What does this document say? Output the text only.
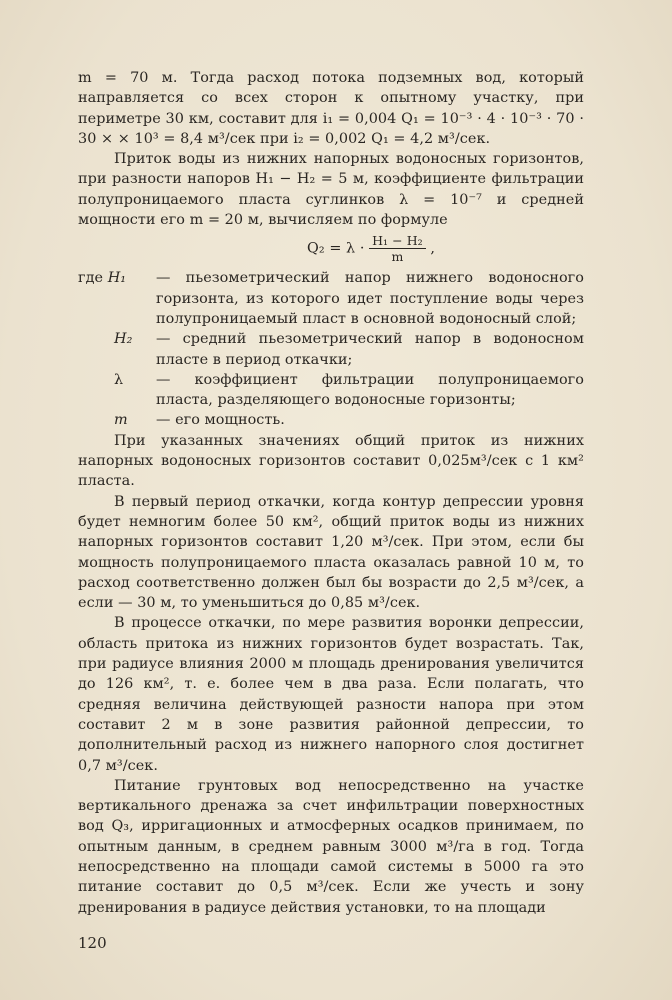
m = 70 м. Тогда расход потока подземных вод, который направляется со всех сторон к опытному участку, при периметре 30 км, составит для i₁ = 0,004 Q₁ = 10⁻³ · 4 · 10⁻³ · 70 · 30 × × 10³ = 8,4 м³/сек при i₂ = 0,002 Q₁ = 4,2 м³/сек.

Приток воды из нижних напорных водоносных горизонтов, при разности напоров H₁ − H₂ = 5 м, коэффициенте фильтрации полупроницаемого пласта суглинков λ = 10⁻⁷ и средней мощности его m = 20 м, вычисляем по формуле

$Q_2 = \lambda \cdot \frac{\text{H₁ − H₂}}{m}$ ,
где H₁	— пьезометрический напор нижнего водоносного горизонта, из которого идет поступление воды через полупроницаемый пласт в основной водоносный слой;
H₂	— средний пьезометрический напор в водоносном пласте в период откачки;
λ	— коэффициент фильтрации полупроницаемого пласта, разделяющего водоносные горизонты;
m	— его мощность.

При указанных значениях общий приток из нижних напорных водоносных горизонтов составит 0,025м³/сек с 1 км² пласта.

В первый период откачки, когда контур депрессии уровня будет немногим более 50 км², общий приток воды из нижних напорных горизонтов составит 1,20 м³/сек. При этом, если бы мощность полупроницаемого пласта оказалась равной 10 м, то расход соответственно должен был бы возрасти до 2,5 м³/сек, а если — 30 м, то уменьшиться до 0,85 м³/сек.

В процессе откачки, по мере развития воронки депрессии, область притока из нижних горизонтов будет возрастать. Так, при радиусе влияния 2000 м площадь дренирования увеличится до 126 км², т. е. более чем в два раза. Если полагать, что средняя величина действующей разности напора при этом составит 2 м в зоне развития районной депрессии, то дополнительный расход из нижнего напорного слоя достигнет 0,7 м³/сек.

Питание грунтовых вод непосредственно на участке вертикального дренажа за счет инфильтрации поверхностных вод Q₃, ирригационных и атмосферных осадков принимаем, по опытным данным, в среднем равным 3000 м³/га в год. Тогда непосредственно на площади самой системы в 5000 га это питание составит до 0,5 м³/сек. Если же учесть и зону дренирования в радиусе действия установки, то на площади

120
